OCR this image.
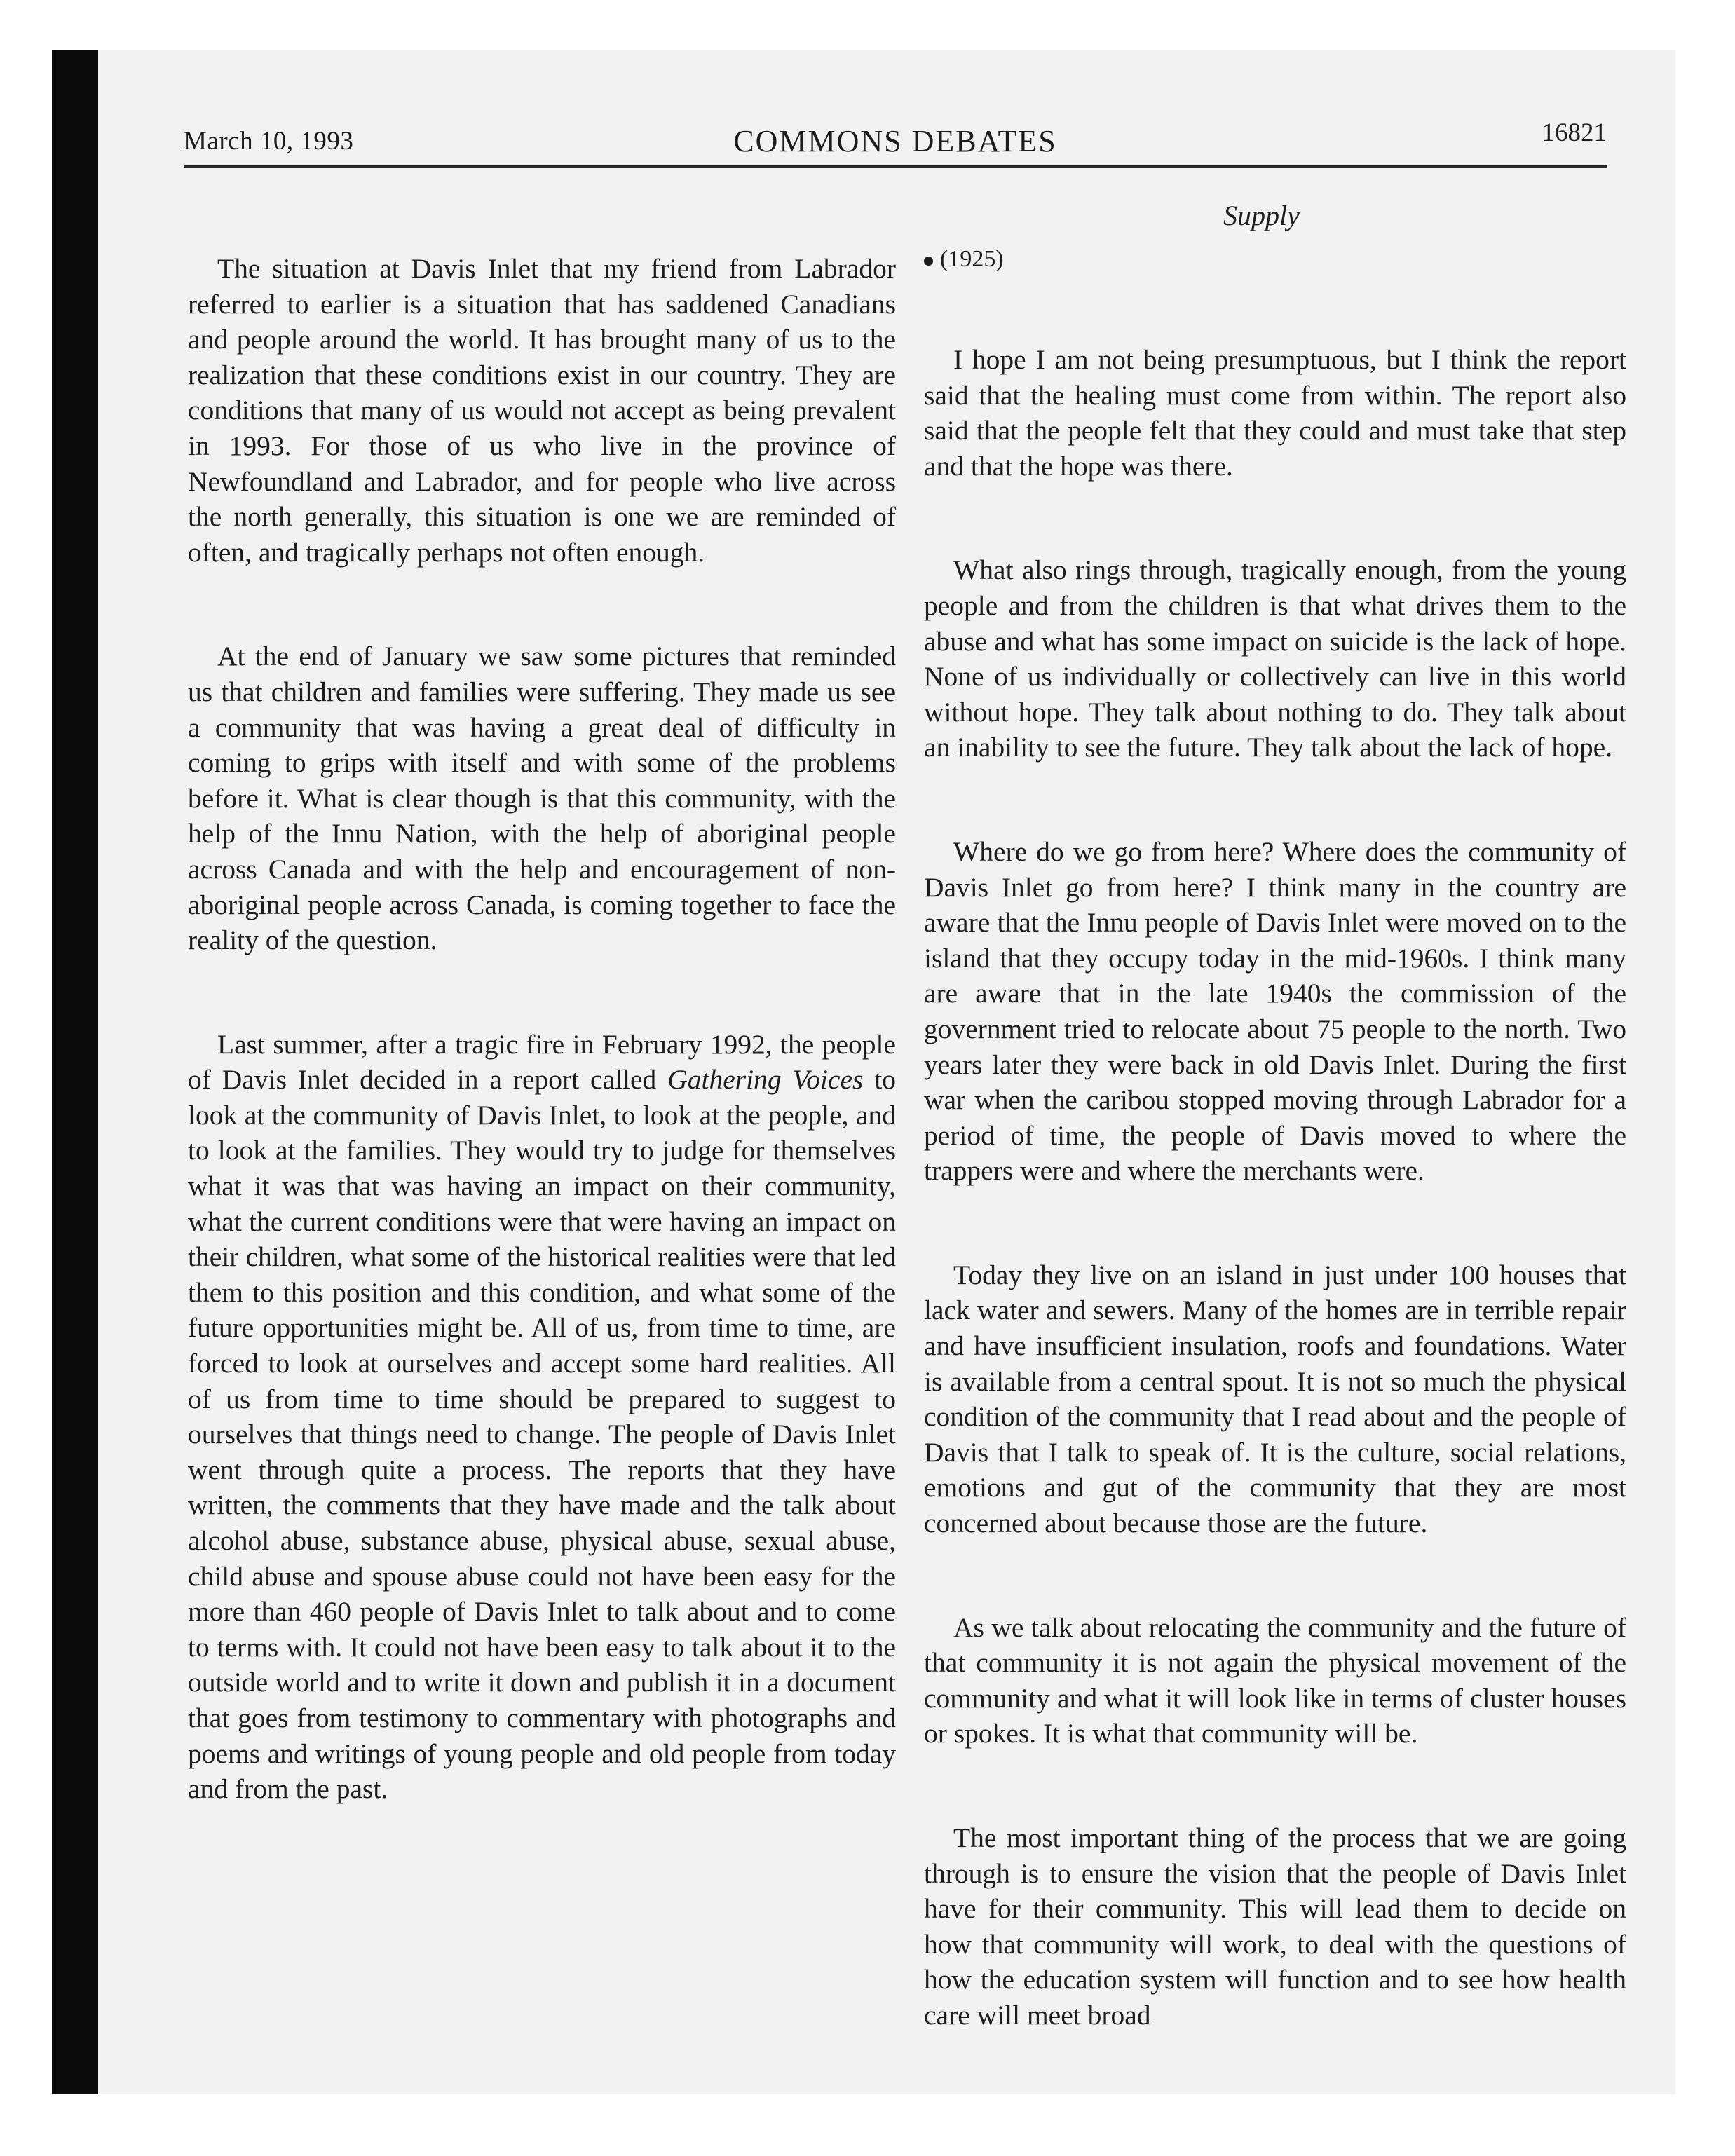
March 10, 1993	COMMONS DEBATES	16821
Supply

The situation at Davis Inlet that my friend from Labrador referred to earlier is a situation that has saddened Canadians and people around the world. It has brought many of us to the realization that these conditions exist in our country. They are conditions that many of us would not accept as being prevalent in 1993. For those of us who live in the province of Newfoundland and Labrador, and for people who live across the north generally, this situation is one we are reminded of often, and tragically perhaps not often enough.

At the end of January we saw some pictures that reminded us that children and families were suffering. They made us see a community that was having a great deal of difficulty in coming to grips with itself and with some of the problems before it. What is clear though is that this community, with the help of the Innu Nation, with the help of aboriginal people across Canada and with the help and encouragement of non-aboriginal people across Canada, is coming together to face the reality of the question.

Last summer, after a tragic fire in February 1992, the people of Davis Inlet decided in a report called Gathering Voices to look at the community of Davis Inlet, to look at the people, and to look at the families. They would try to judge for themselves what it was that was having an impact on their community, what the current conditions were that were having an impact on their children, what some of the historical realities were that led them to this position and this condition, and what some of the future opportunities might be. All of us, from time to time, are forced to look at ourselves and accept some hard realities. All of us from time to time should be prepared to suggest to ourselves that things need to change. The people of Davis Inlet went through quite a process. The reports that they have written, the comments that they have made and the talk about alcohol abuse, substance abuse, physical abuse, sexual abuse, child abuse and spouse abuse could not have been easy for the more than 460 people of Davis Inlet to talk about and to come to terms with. It could not have been easy to talk about it to the outside world and to write it down and publish it in a document that goes from testimony to commentary with photographs and poems and writings of young people and old people from today and from the past.

(1925)

I hope I am not being presumptuous, but I think the report said that the healing must come from within. The report also said that the people felt that they could and must take that step and that the hope was there.

What also rings through, tragically enough, from the young people and from the children is that what drives them to the abuse and what has some impact on suicide is the lack of hope. None of us individually or collectively can live in this world without hope. They talk about nothing to do. They talk about an inability to see the future. They talk about the lack of hope.

Where do we go from here? Where does the community of Davis Inlet go from here? I think many in the country are aware that the Innu people of Davis Inlet were moved on to the island that they occupy today in the mid-1960s. I think many are aware that in the late 1940s the commission of the government tried to relocate about 75 people to the north. Two years later they were back in old Davis Inlet. During the first war when the caribou stopped moving through Labrador for a period of time, the people of Davis moved to where the trappers were and where the merchants were.

Today they live on an island in just under 100 houses that lack water and sewers. Many of the homes are in terrible repair and have insufficient insulation, roofs and foundations. Water is available from a central spout. It is not so much the physical condition of the community that I read about and the people of Davis that I talk to speak of. It is the culture, social relations, emotions and gut of the community that they are most concerned about because those are the future.

As we talk about relocating the community and the future of that community it is not again the physical movement of the community and what it will look like in terms of cluster houses or spokes. It is what that community will be.

The most important thing of the process that we are going through is to ensure the vision that the people of Davis Inlet have for their community. This will lead them to decide on how that community will work, to deal with the questions of how the education system will function and to see how health care will meet broad
